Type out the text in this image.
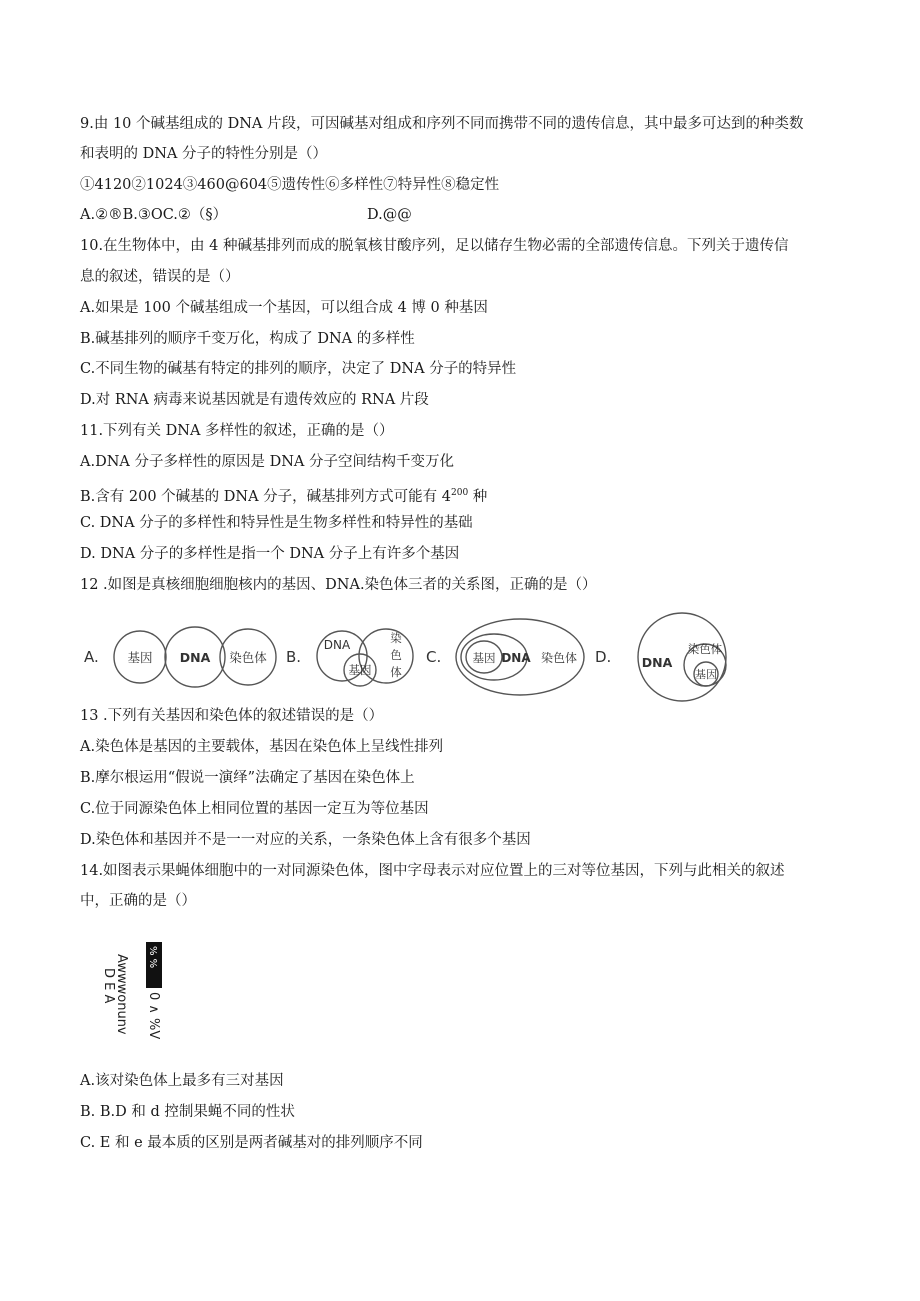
9.由 10 个碱基组成的 DNA 片段，可因碱基对组成和序列不同而携带不同的遗传信息，其中最多可达到的种类数
和表明的 DNA 分子的特性分别是（）
①4120②1024③460@604⑤遗传性⑥多样性⑦特异性⑧稳定性
A.②®B.③OC.②（§）	D.@@
10.在生物体中，由 4 种碱基排列而成的脱氧核甘酸序列，足以储存生物必需的全部遗传信息。下列关于遗传信
息的叙述，错误的是（）
A.如果是 100 个碱基组成一个基因，可以组合成 4 博 0 种基因
B.碱基排列的顺序千变万化，构成了 DNA 的多样性
C.不同生物的碱基有特定的排列的顺序，决定了 DNA 分子的特异性
D.对 RNA 病毒来说基因就是有遗传效应的 RNA 片段
11.下列有关 DNA 多样性的叙述，正确的是（）
A.DNA 分子多样性的原因是 DNA 分子空间结构千变万化
B.含有 200 个碱基的 DNA 分子，碱基排列方式可能有 $4^{200}$ 种
C. DNA 分子的多样性和特异性是生物多样性和特异性的基础
D. DNA 分子的多样性是指一个 DNA 分子上有许多个基因
12 .如图是真核细胞细胞核内的基因、DNA.染色体三者的关系图，正确的是（）
A. 基因 DNA 染色体 B.
DNA
基因
染
色
体
C.	基因 DNA 染色体 D. DNA
染色体
基因
13 .下列有关基因和染色体的叙述错误的是（）
A.染色体是基因的主要载体，基因在染色体上呈线性排列
B.摩尔根运用“假说一演绎”法确定了基因在染色体上
C.位于同源染色体上相同位置的基因一定互为等位基因
D.染色体和基因并不是一一对应的关系，一条染色体上含有很多个基因
14.如图表示果蝇体细胞中的一对同源染色体，图中字母表示对应位置上的三对等位基因，下列与此相关的叙述
中，正确的是（）
% %
Awwwonunv
D E A
0 ∧ %V
A.该对染色体上最多有三对基因
B. B.D 和 d 控制果蝇不同的性状
C. E 和 e 最本质的区别是两者碱基对的排列顺序不同
